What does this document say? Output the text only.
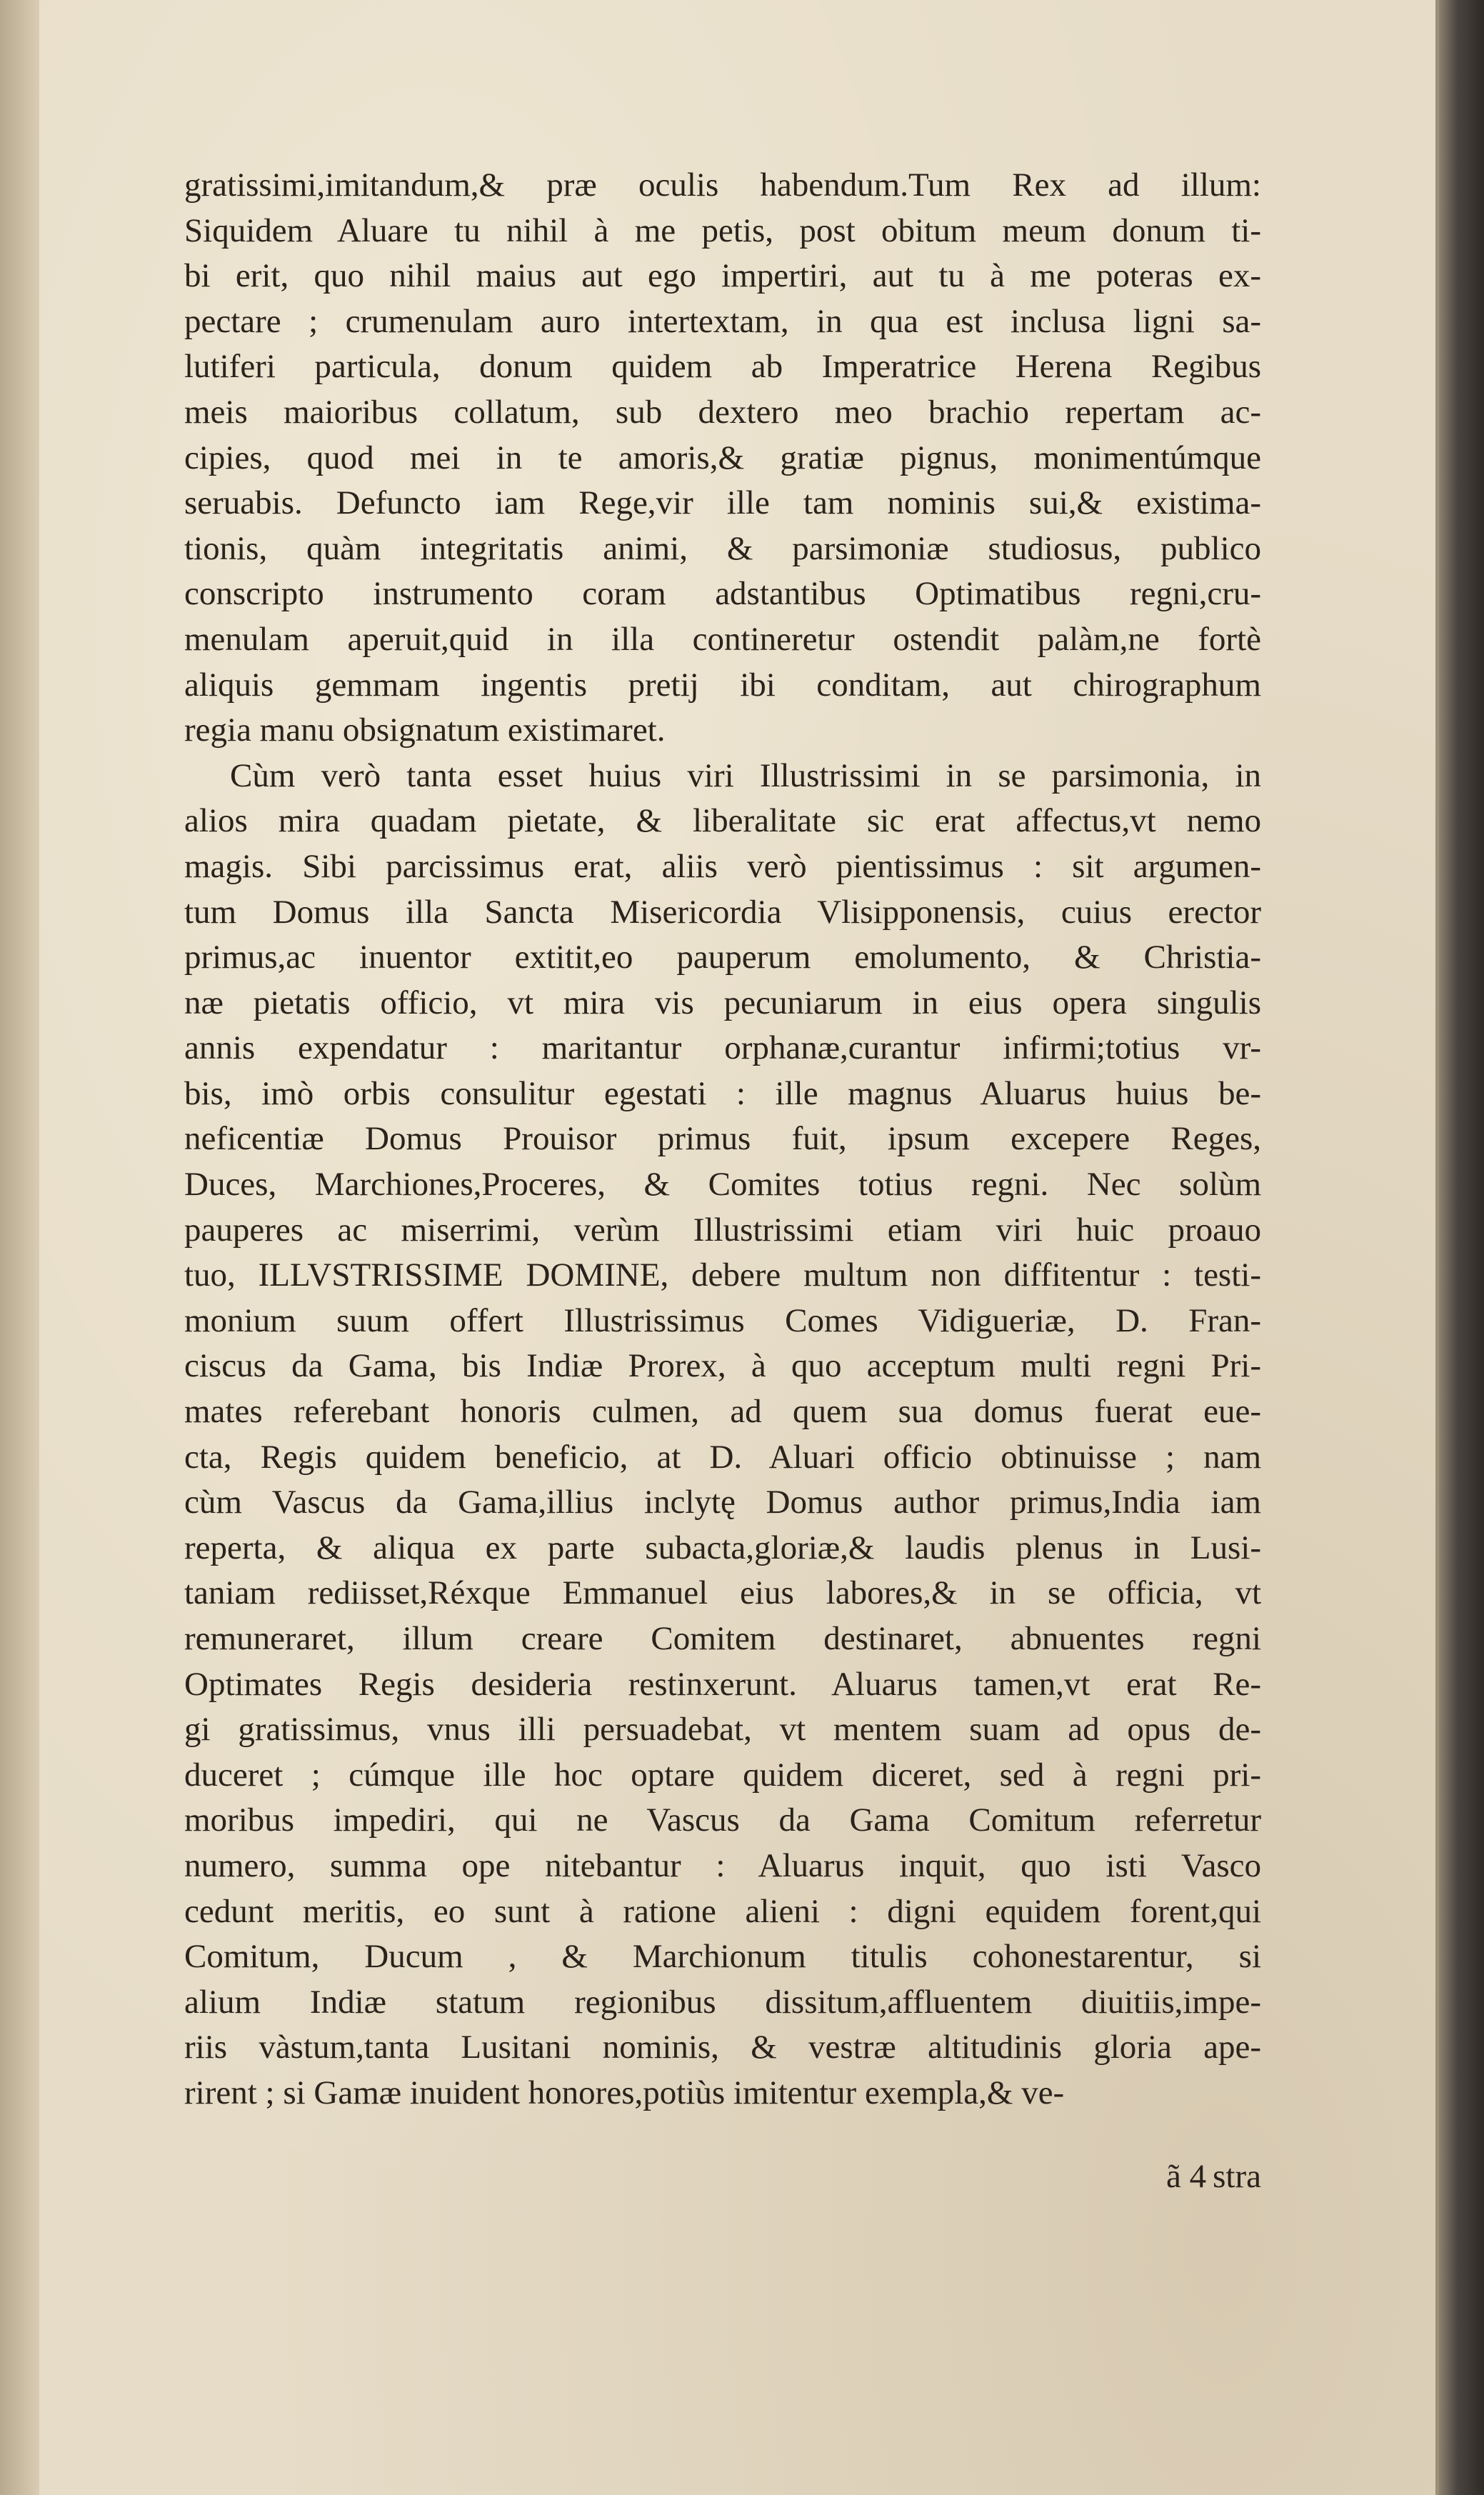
gratissimi,imitandum,& præ oculis habendum.Tum Rex ad illum:
Siquidem Aluare tu nihil à me petis, post obitum meum donum ti-
bi erit, quo nihil maius aut ego impertiri, aut tu à me poteras ex-
pectare ; crumenulam auro intertextam, in qua est inclusa ligni sa-
lutiferi particula, donum quidem ab Imperatrice Herena Regibus
meis maioribus collatum, sub dextero meo brachio repertam ac-
cipies, quod mei in te amoris,& gratiæ pignus, monimentúmque
seruabis. Defuncto iam Rege,vir ille tam nominis sui,& existima-
tionis, quàm integritatis animi, & parsimoniæ studiosus, publico
conscripto instrumento coram adstantibus Optimatibus regni,cru-
menulam aperuit,quid in illa contineretur ostendit palàm,ne fortè
aliquis gemmam ingentis pretij ibi conditam, aut chirographum
regia manu obsignatum existimaret.
Cùm verò tanta esset huius viri Illustrissimi in se parsimonia, in
alios mira quadam pietate, & liberalitate sic erat affectus,vt nemo
magis. Sibi parcissimus erat, aliis verò pientissimus : sit argumen-
tum Domus illa Sancta Misericordia Vlisipponensis, cuius erector
primus,ac inuentor extitit,eo pauperum emolumento, & Christia-
næ pietatis officio, vt mira vis pecuniarum in eius opera singulis
annis expendatur : maritantur orphanæ,curantur infirmi;totius vr-
bis, imò orbis consulitur egestati : ille magnus Aluarus huius be-
neficentiæ Domus Prouisor primus fuit, ipsum excepere Reges,
Duces, Marchiones,Proceres, & Comites totius regni. Nec solùm
pauperes ac miserrimi, verùm Illustrissimi etiam viri huic proauo
tuo, ILLVSTRISSIME DOMINE, debere multum non diffitentur : testi-
monium suum offert Illustrissimus Comes Vidigueriæ, D. Fran-
ciscus da Gama, bis Indiæ Prorex, à quo acceptum multi regni Pri-
mates referebant honoris culmen, ad quem sua domus fuerat eue-
cta, Regis quidem beneficio, at D. Aluari officio obtinuisse ; nam
cùm Vascus da Gama,illius inclytę Domus author primus,India iam
reperta, & aliqua ex parte subacta,gloriæ,& laudis plenus in Lusi-
taniam rediisset,Réxque Emmanuel eius labores,& in se officia, vt
remuneraret, illum creare Comitem destinaret, abnuentes regni
Optimates Regis desideria restinxerunt. Aluarus tamen,vt erat Re-
gi gratissimus, vnus illi persuadebat, vt mentem suam ad opus de-
duceret ; cúmque ille hoc optare quidem diceret, sed à regni pri-
moribus impediri, qui ne Vascus da Gama Comitum referretur
numero, summa ope nitebantur : Aluarus inquit, quo isti Vasco
cedunt meritis, eo sunt à ratione alieni : digni equidem forent,qui
Comitum, Ducum , & Marchionum titulis cohonestarentur, si
alium Indiæ statum regionibus dissitum,affluentem diuitiis,impe-
riis vàstum,tanta Lusitani nominis, & vestræ altitudinis gloria ape-
rirent ; si Gamæ inuident honores,potiùs imitentur exempla,& ve-
ã 4 stra
